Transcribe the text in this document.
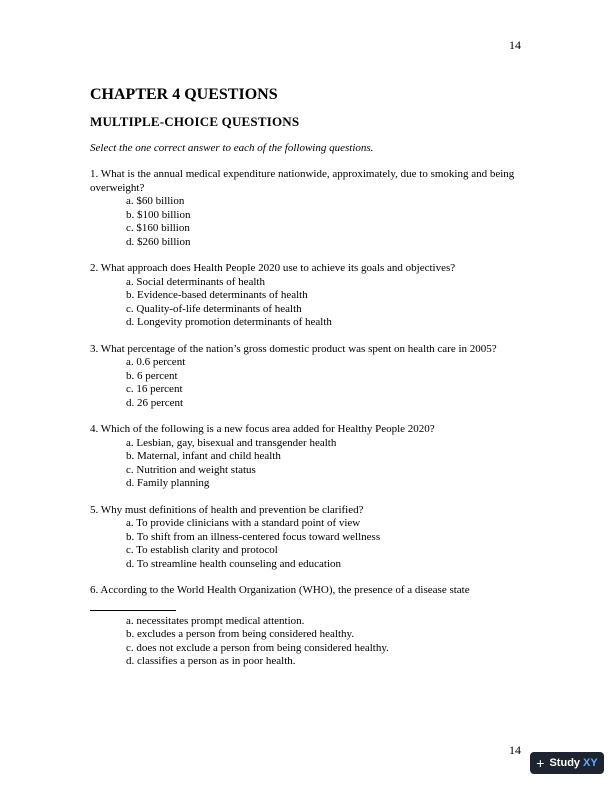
14
CHAPTER 4 QUESTIONS
MULTIPLE-CHOICE QUESTIONS

Select the one correct answer to each of the following questions.

1. What is the annual medical expenditure nationwide, approximately, due to smoking and being overweight?

a. $60 billion
b. $100 billion
c. $160 billion
d. $260 billion

2. What approach does Health People 2020 use to achieve its goals and objectives?

a. Social determinants of health
b. Evidence-based determinants of health
c. Quality-of-life determinants of health
d. Longevity promotion determinants of health

3. What percentage of the nation’s gross domestic product was spent on health care in 2005?

a. 0.6 percent
b. 6 percent
c. 16 percent
d. 26 percent

4. Which of the following is a new focus area added for Healthy People 2020?

a. Lesbian, gay, bisexual and transgender health
b. Maternal, infant and child health
c. Nutrition and weight status
d. Family planning

5. Why must definitions of health and prevention be clarified?

a. To provide clinicians with a standard point of view
b. To shift from an illness-centered focus toward wellness
c. To establish clarity and protocol
d. To streamline health counseling and education

6. According to the World Health Organization (WHO), the presence of a disease state

a. necessitates prompt medical attention.
b. excludes a person from being considered healthy.
c. does not exclude a person from being considered healthy.
d. classifies a person as in poor health.
14
+ Study XY
